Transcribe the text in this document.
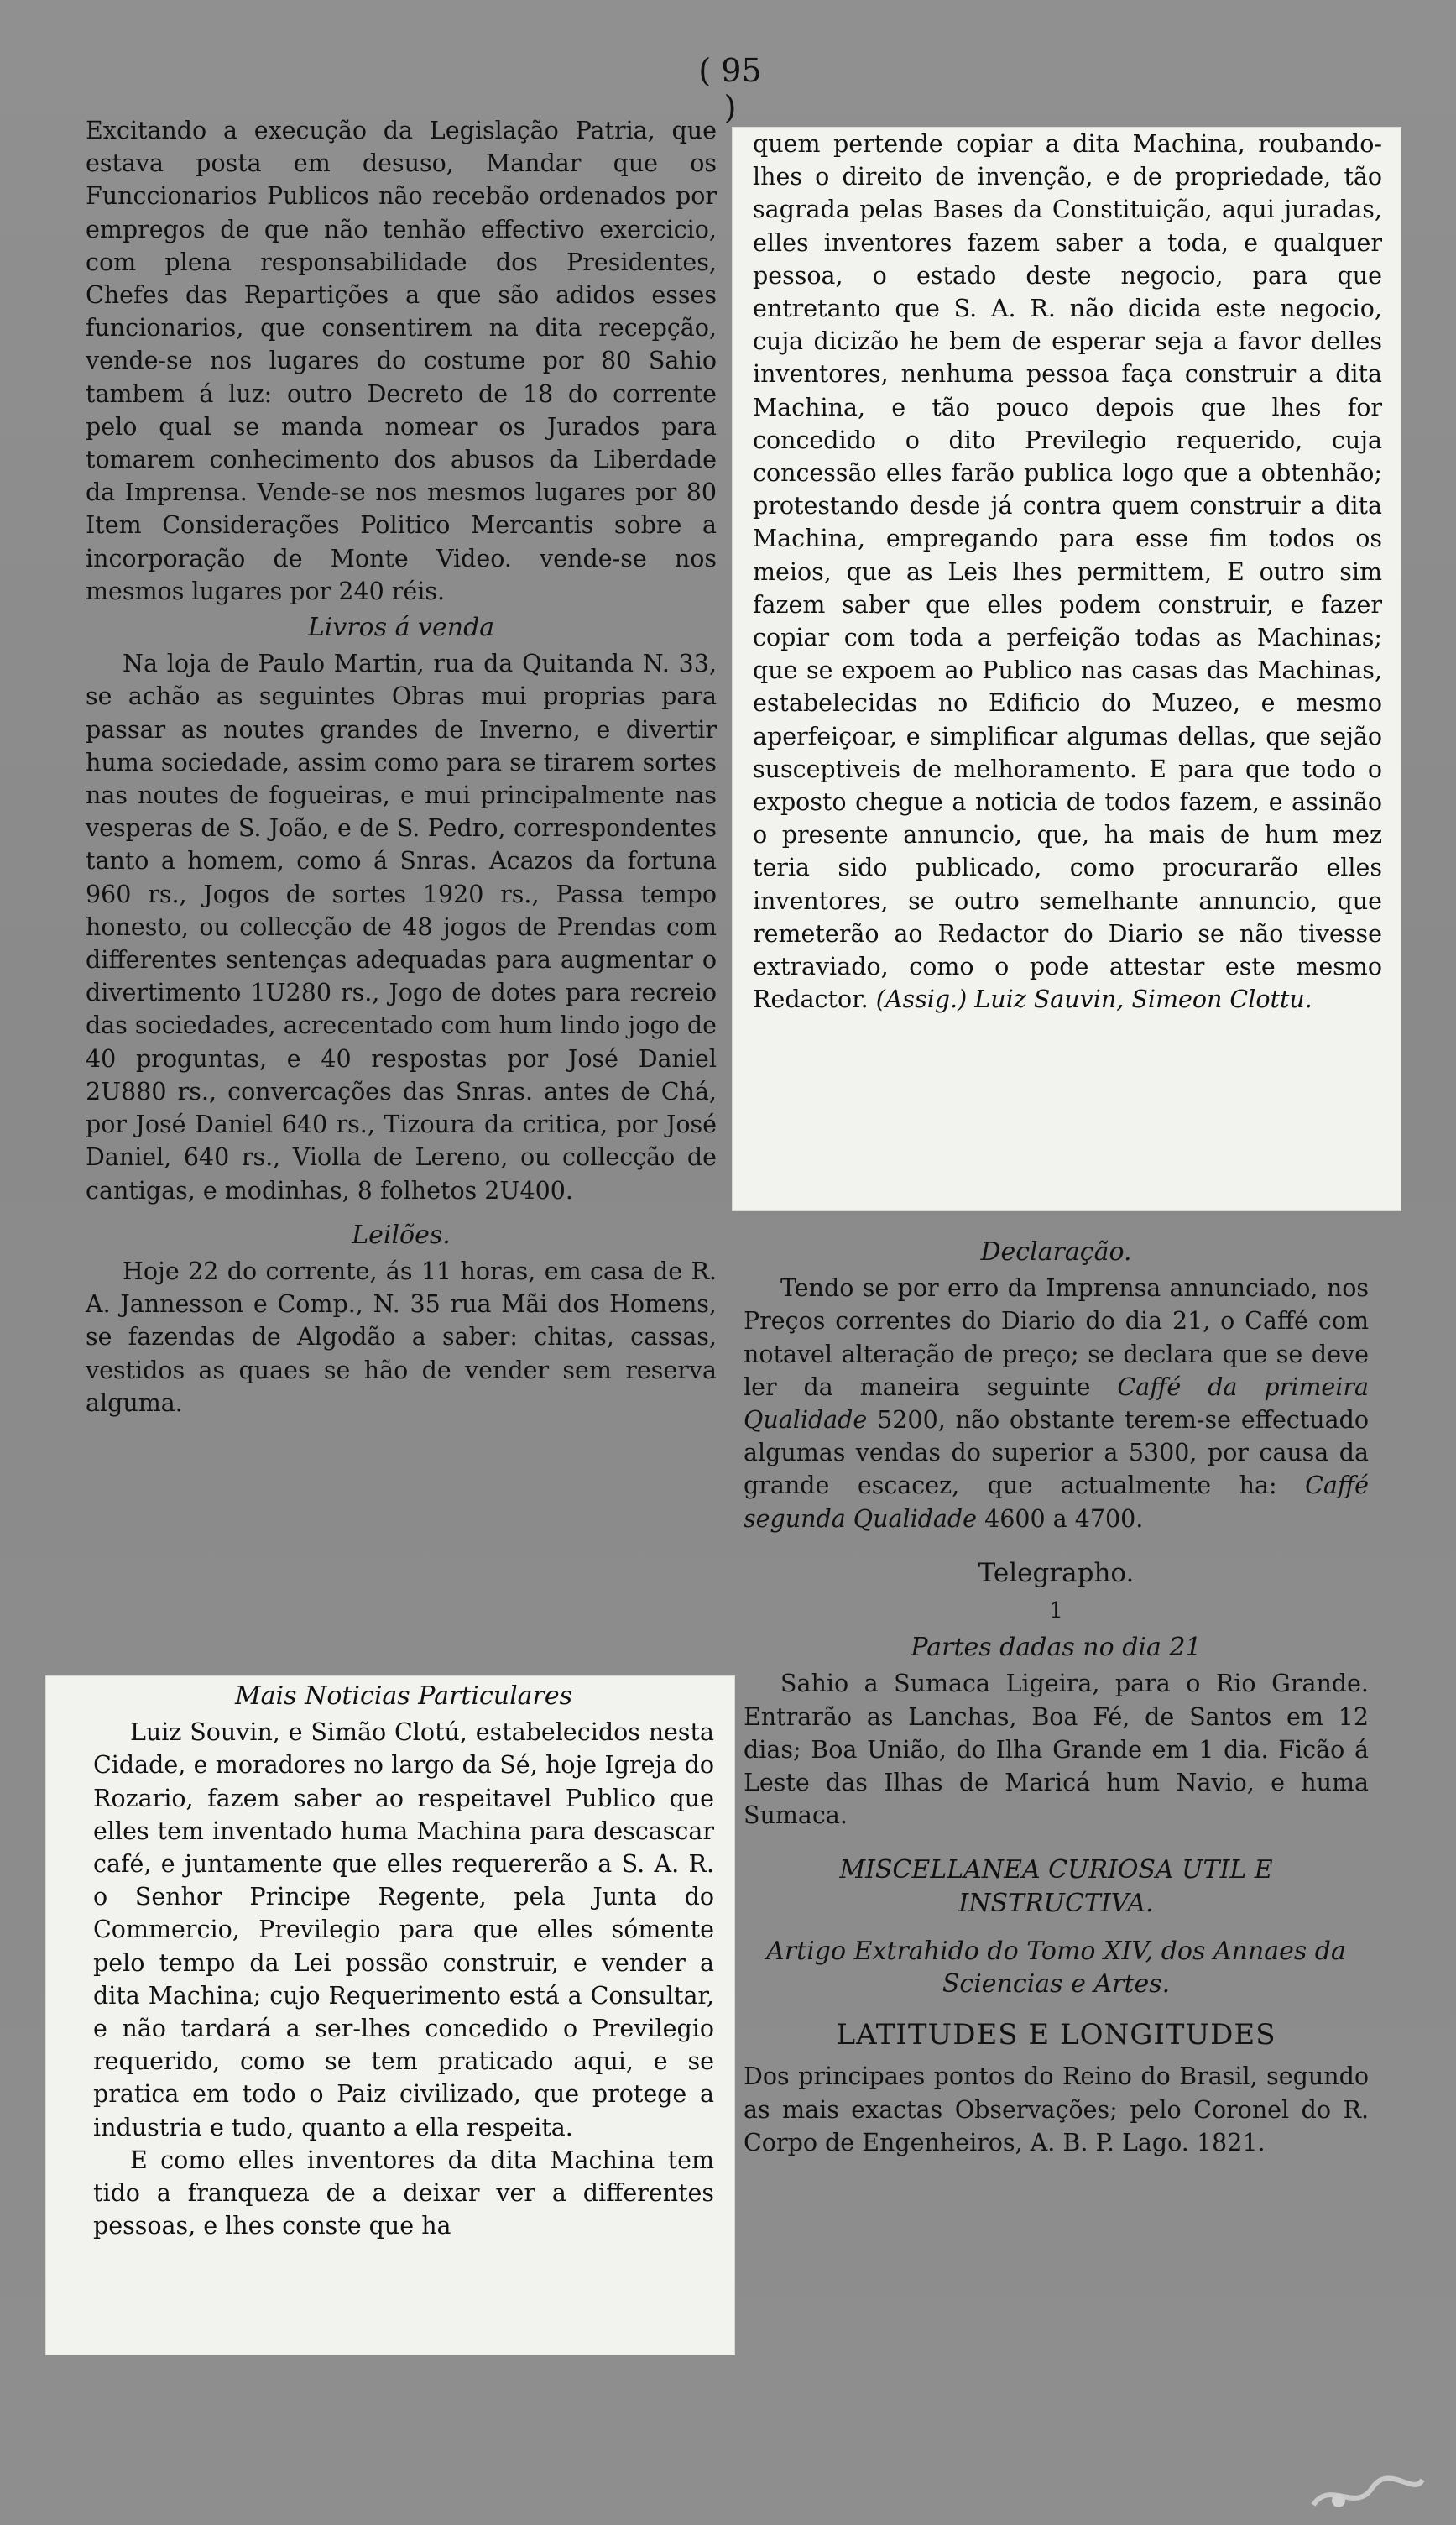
( 95 )

Excitando a execução da Legislação Patria, que estava posta em desuso, Mandar que os Funccionarios Publicos não recebão ordenados por empregos de que não tenhão effectivo exercicio, com plena responsabilidade dos Presidentes, Chefes das Repartições a que são adidos esses funcionarios, que consentirem na dita recepção, vende-se nos lugares do costume por 80 Sahio tambem á luz: outro Decreto de 18 do corrente pelo qual se manda nomear os Jurados para tomarem conhecimento dos abusos da Liberdade da Imprensa. Vende-se nos mesmos lugares por 80 Item Considerações Politico Mercantis sobre a incorporação de Monte Video. vende-se nos mesmos lugares por 240 réis.

Livros á venda

Na loja de Paulo Martin, rua da Quitanda N. 33, se achão as seguintes Obras mui proprias para passar as noutes grandes de Inverno, e divertir huma sociedade, assim como para se tirarem sortes nas noutes de fogueiras, e mui principalmente nas vesperas de S. João, e de S. Pedro, correspondentes tanto a homem, como á Snras. Acazos da fortuna 960 rs., Jogos de sortes 1920 rs., Passa tempo honesto, ou collecção de 48 jogos de Prendas com differentes sentenças adequadas para augmentar o divertimento 1U280 rs., Jogo de dotes para recreio das sociedades, acrecentado com hum lindo jogo de 40 proguntas, e 40 respostas por José Daniel 2U880 rs., convercações das Snras. antes de Chá, por José Daniel 640 rs., Tizoura da critica, por José Daniel, 640 rs., Violla de Lereno, ou collecção de cantigas, e modinhas, 8 folhetos 2U400.

Leilões.

Hoje 22 do corrente, ás 11 horas, em casa de R. A. Jannesson e Comp., N. 35 rua Mãi dos Homens, se fazendas de Algodão a saber: chitas, cassas, vestidos as quaes se hão de vender sem reserva alguma.

quem pertende copiar a dita Machina, roubando-lhes o direito de invenção, e de propriedade, tão sagrada pelas Bases da Constituição, aqui juradas, elles inventores fazem saber a toda, e qualquer pessoa, o estado deste negocio, para que entretanto que S. A. R. não dicida este negocio, cuja dicizão he bem de esperar seja a favor delles inventores, nenhuma pessoa faça construir a dita Machina, e tão pouco depois que lhes for concedido o dito Previlegio requerido, cuja concessão elles farão publica logo que a obtenhão; protestando desde já contra quem construir a dita Machina, empregando para esse fim todos os meios, que as Leis lhes permittem, E outro sim fazem saber que elles podem construir, e fazer copiar com toda a perfeição todas as Machinas; que se expoem ao Publico nas casas das Machinas, estabelecidas no Edificio do Muzeo, e mesmo aperfeiçoar, e simplificar algumas dellas, que sejão susceptiveis de melhoramento. E para que todo o exposto chegue a noticia de todos fazem, e assinão o presente annuncio, que, ha mais de hum mez teria sido publicado, como procurarão elles inventores, se outro semelhante annuncio, que remeterão ao Redactor do Diario se não tivesse extraviado, como o pode attestar este mesmo Redactor. (Assig.) Luiz Sauvin, Simeon Clottu.

Declaração.

Tendo se por erro da Imprensa annunciado, nos Preços correntes do Diario do dia 21, o Caffé com notavel alteração de preço; se declara que se deve ler da maneira seguinte Caffé da primeira Qualidade 5200, não obstante terem-se effectuado algumas vendas do superior a 5300, por causa da grande escacez, que actualmente ha: Caffé segunda Qualidade 4600 a 4700.

Telegrapho.

1

Partes dadas no dia 21

Sahio a Sumaca Ligeira, para o Rio Grande. Entrarão as Lanchas, Boa Fé, de Santos em 12 dias; Boa União, do Ilha Grande em 1 dia. Ficão á Leste das Ilhas de Maricá hum Navio, e huma Sumaca.

MISCELLANEA CURIOSA UTIL E INSTRUCTIVA.

Artigo Extrahido do Tomo XIV, dos Annaes da Sciencias e Artes.

LATITUDES E LONGITUDES

Dos principaes pontos do Reino do Brasil, segundo as mais exactas Observações; pelo Coronel do R. Corpo de Engenheiros, A. B. P. Lago. 1821.

Mais Noticias Particulares

Luiz Souvin, e Simão Clotú, estabelecidos nesta Cidade, e moradores no largo da Sé, hoje Igreja do Rozario, fazem saber ao respeitavel Publico que elles tem inventado huma Machina para descascar café, e juntamente que elles requererão a S. A. R. o Senhor Principe Regente, pela Junta do Commercio, Previlegio para que elles sómente pelo tempo da Lei possão construir, e vender a dita Machina; cujo Requerimento está a Consultar, e não tardará a ser-lhes concedido o Previlegio requerido, como se tem praticado aqui, e se pratica em todo o Paiz civilizado, que protege a industria e tudo, quanto a ella respeita.

E como elles inventores da dita Machina tem tido a franqueza de a deixar ver a differentes pessoas, e lhes conste que ha
